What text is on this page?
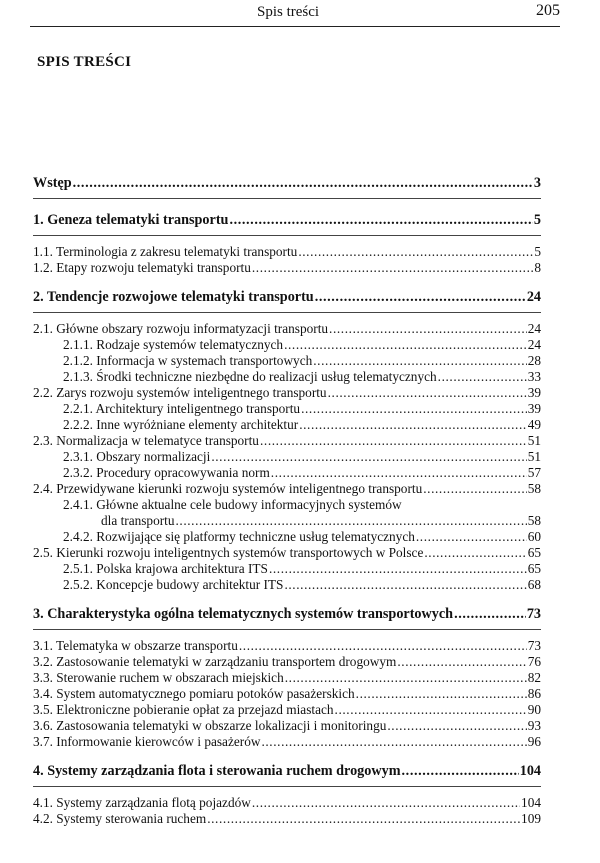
Spis treści	205
SPIS TREŚCI
Wstęp .....	3
1. Geneza telematyki transportu .....	5
1.1. Terminologia z zakresu telematyki transportu .....	5
1.2. Etapy rozwoju telematyki transportu .....	8
2. Tendencje rozwojowe telematyki transportu .....	24
2.1. Główne obszary rozwoju informatyzacji transportu .....	24
2.1.1. Rodzaje systemów telematycznych .....	24
2.1.2. Informacja w systemach transportowych .....	28
2.1.3. Środki techniczne niezbędne do realizacji usług telematycznych .....	33
2.2. Zarys rozwoju systemów inteligentnego transportu .....	39
2.2.1. Architektury inteligentnego transportu .....	39
2.2.2. Inne wyróżniane elementy architektur .....	49
2.3. Normalizacja w telematyce transportu .....	51
2.3.1. Obszary normalizacji .....	51
2.3.2. Procedury opracowywania norm .....	57
2.4. Przewidywane kierunki rozwoju systemów inteligentnego transportu .....	58
2.4.1. Główne aktualne cele budowy informacyjnych systemów
dla transportu .....	58
2.4.2. Rozwijające się platformy techniczne usług telematycznych .....	60
2.5. Kierunki rozwoju inteligentnych systemów transportowych w Polsce .....	65
2.5.1. Polska krajowa architektura ITS .....	65
2.5.2. Koncepcje budowy architektur ITS .....	68
3. Charakterystyka ogólna telematycznych systemów transportowych .....	73
3.1. Telematyka w obszarze transportu .....	73
3.2. Zastosowanie telematyki w zarządzaniu transportem drogowym .....	76
3.3. Sterowanie ruchem w obszarach miejskich .....	82
3.4. System automatycznego pomiaru potoków pasażerskich .....	86
3.5. Elektroniczne pobieranie opłat za przejazd miastach .....	90
3.6. Zastosowania telematyki w obszarze lokalizacji i monitoringu .....	93
3.7. Informowanie kierowców i pasażerów .....	96
4. Systemy zarządzania flota i sterowania ruchem drogowym .....	104
4.1. Systemy zarządzania flotą pojazdów .....	104
4.2. Systemy sterowania ruchem .....	109
